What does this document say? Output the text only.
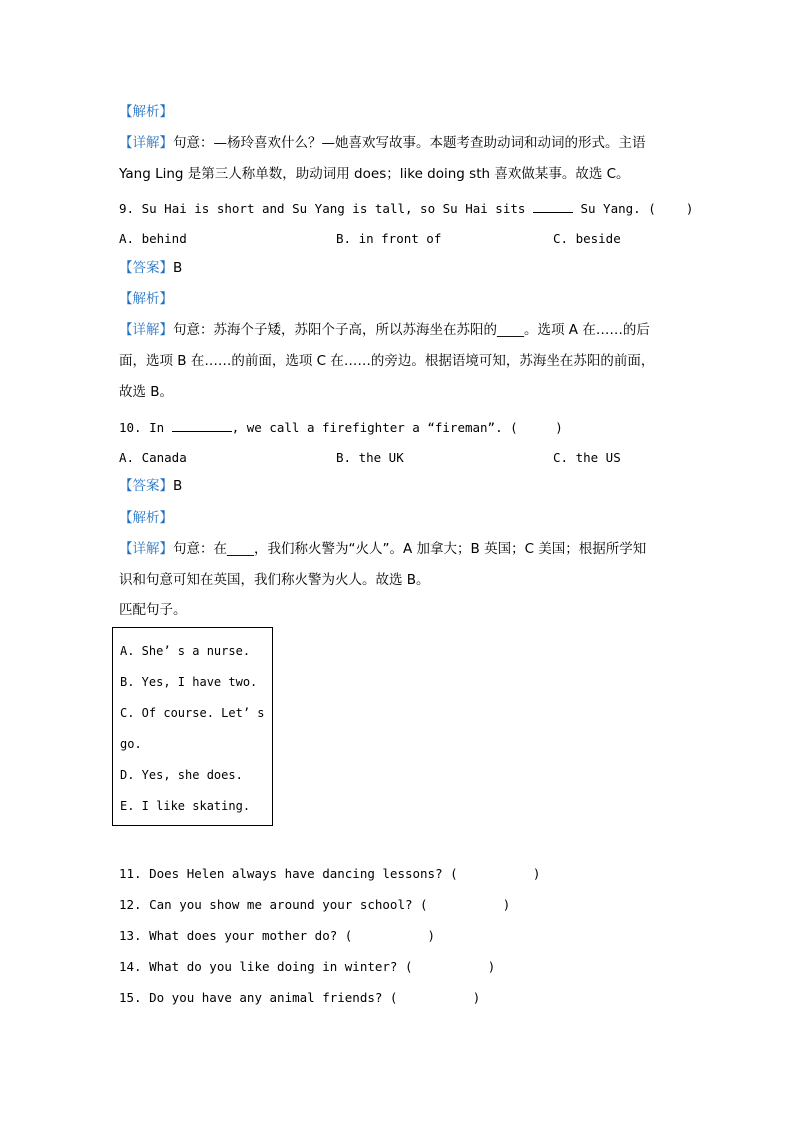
【解析】
【详解】句意：—杨玲喜欢什么？—她喜欢写故事。本题考查助动词和动词的形式。主语
Yang Ling 是第三人称单数，助动词用 does；like doing sth 喜欢做某事。故选 C。
9. Su Hai is short and Su Yang is tall, so Su Hai sits	Su Yang. (    )
A. behind	B. in front of	C. beside
【答案】B
【解析】
【详解】句意：苏海个子矮，苏阳个子高，所以苏海坐在苏阳的____。选项 A 在……的后
面，选项 B 在……的前面，选项 C 在……的旁边。根据语境可知，苏海坐在苏阳的前面，
故选 B。
10. In	, we call a firefighter a “fireman”. (     )
A. Canada	B. the UK	C. the US
【答案】B
【解析】
【详解】句意：在____，我们称火警为“火人”。A 加拿大；B 英国；C 美国；根据所学知
识和句意可知在英国，我们称火警为火人。故选 B。
匹配句子。
A. She’ s a nurse.
B. Yes, I have two.
C. Of course. Let’ s
go.
D. Yes, she does.
E. I like skating.
11. Does Helen always have dancing lessons? (          )
12. Can you show me around your school? (          )
13. What does your mother do? (          )
14. What do you like doing in winter? (          )
15. Do you have any animal friends? (          )
